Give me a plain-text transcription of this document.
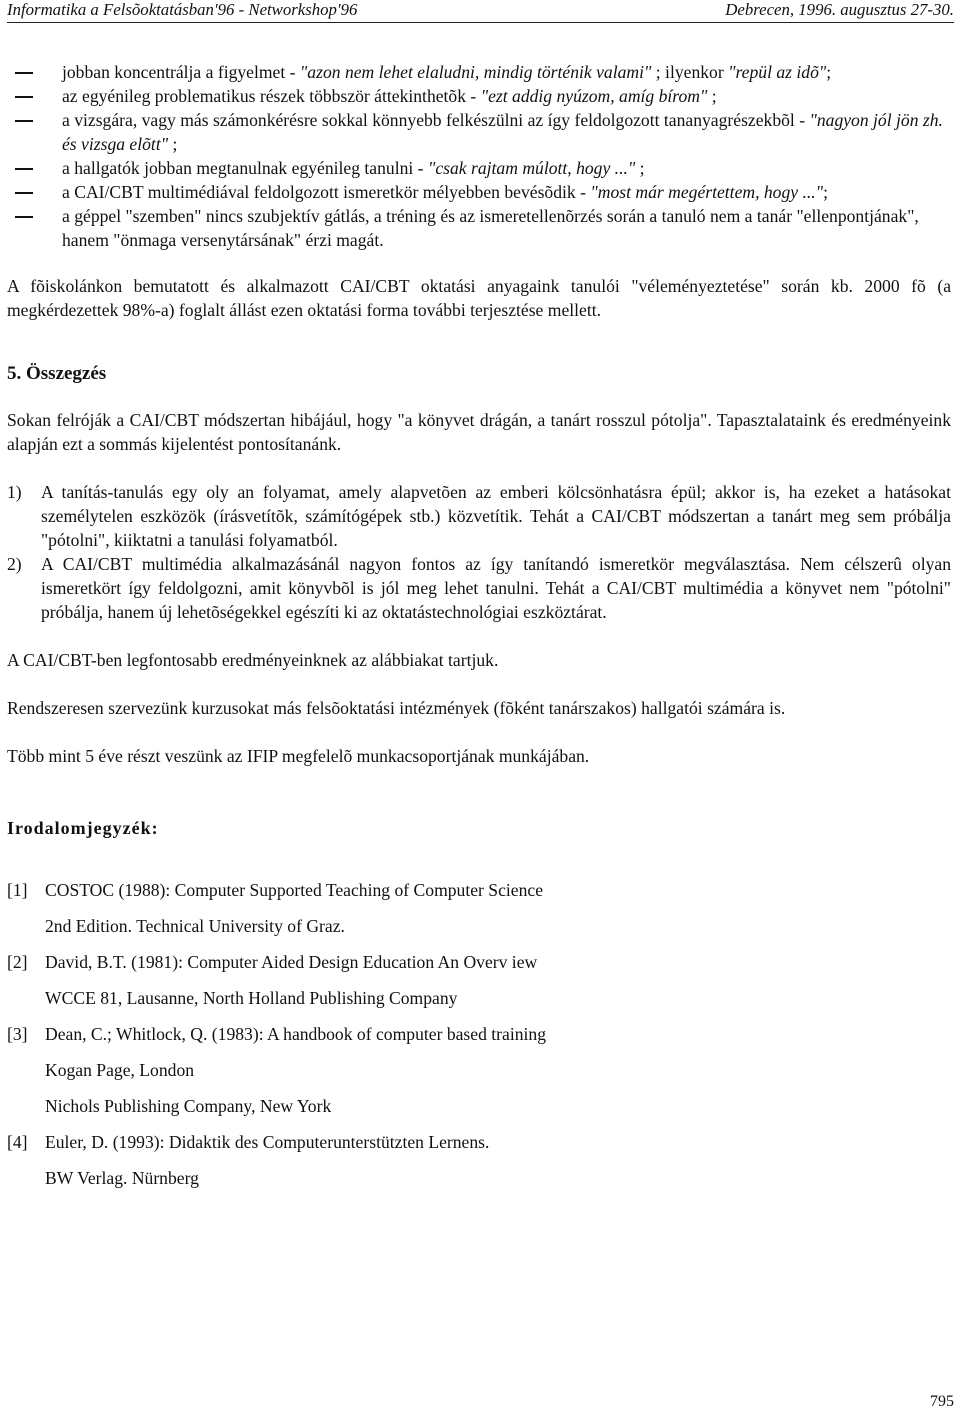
Informatika a Felsõoktatásban′96 - Networkshop′96	Debrecen, 1996. augusztus 27-30.
jobban koncentrálja a figyelmet - "azon nem lehet elaludni, mindig történik valami" ; ilyenkor "repül az idõ";
az egyénileg problematikus részek többször áttekinthetõk - "ezt addig nyúzom, amíg bírom" ;
a vizsgára, vagy más számonkérésre sokkal könnyebb felkészülni az így feldolgozott tananyagrészekbõl - "nagyon jól jön zh. és vizsga elõtt" ;
a hallgatók jobban megtanulnak egyénileg tanulni - "csak rajtam múlott, hogy ..." ;
a CAI/CBT multimédiával feldolgozott ismeretkör mélyebben bevésõdik - "most már megértettem, hogy ...";
a géppel "szemben" nincs szubjektív gátlás, a tréning és az ismeretellenõrzés során a tanuló nem a tanár "ellenpontjának", hanem "önmaga versenytársának" érzi magát.

A fõiskolánkon bemutatott és alkalmazott CAI/CBT oktatási anyagaink tanulói "véleményeztetése" során kb. 2000 fõ (a megkérdezettek 98%-a) foglalt állást ezen oktatási forma további terjesztése mellett.

5. Összegzés

Sokan felróják a CAI/CBT módszertan hibájául, hogy "a könyvet drágán, a tanárt rosszul pótolja". Tapasztalataink és eredményeink alapján ezt a sommás kijelentést pontosítanánk.

1) A tanítás-tanulás egy oly an folyamat, amely alapvetõen az emberi kölcsönhatásra épül; akkor is, ha ezeket a hatásokat személytelen eszközök (írásvetítõk, számítógépek stb.) közvetítik. Tehát a CAI/CBT módszertan a tanárt meg sem próbálja "pótolni", kiiktatni a tanulási folyamatból.
2) A CAI/CBT multimédia alkalmazásánál nagyon fontos az így tanítandó ismeretkör megválasztása. Nem célszerû olyan ismeretkört így feldolgozni, amit könyvbõl is jól meg lehet tanulni. Tehát a CAI/CBT multimédia a könyvet nem "pótolni" próbálja, hanem új lehetõségekkel egészíti ki az oktatástechnológiai eszköztárat.

A CAI/CBT-ben legfontosabb eredményeinknek az alábbiakat tartjuk.

Rendszeresen szervezünk kurzusokat más felsõoktatási intézmények (fõként tanárszakos) hallgatói számára is.

Több mint 5 éve részt veszünk az IFIP megfelelõ munkacsoportjának munkájában.

Irodalomjegyzék:
[1] COSTOC (1988): Computer Supported Teaching of Computer Science
2nd Edition. Technical University of Graz.
[2] David, B.T. (1981): Computer Aided Design Education An Overv iew
WCCE 81, Lausanne, North Holland Publishing Company
[3] Dean, C.; Whitlock, Q. (1983): A handbook of computer based training
Kogan Page, London
Nichols Publishing Company, New York
[4] Euler, D. (1993): Didaktik des Computerunterstützten Lernens.
BW Verlag. Nürnberg
795
